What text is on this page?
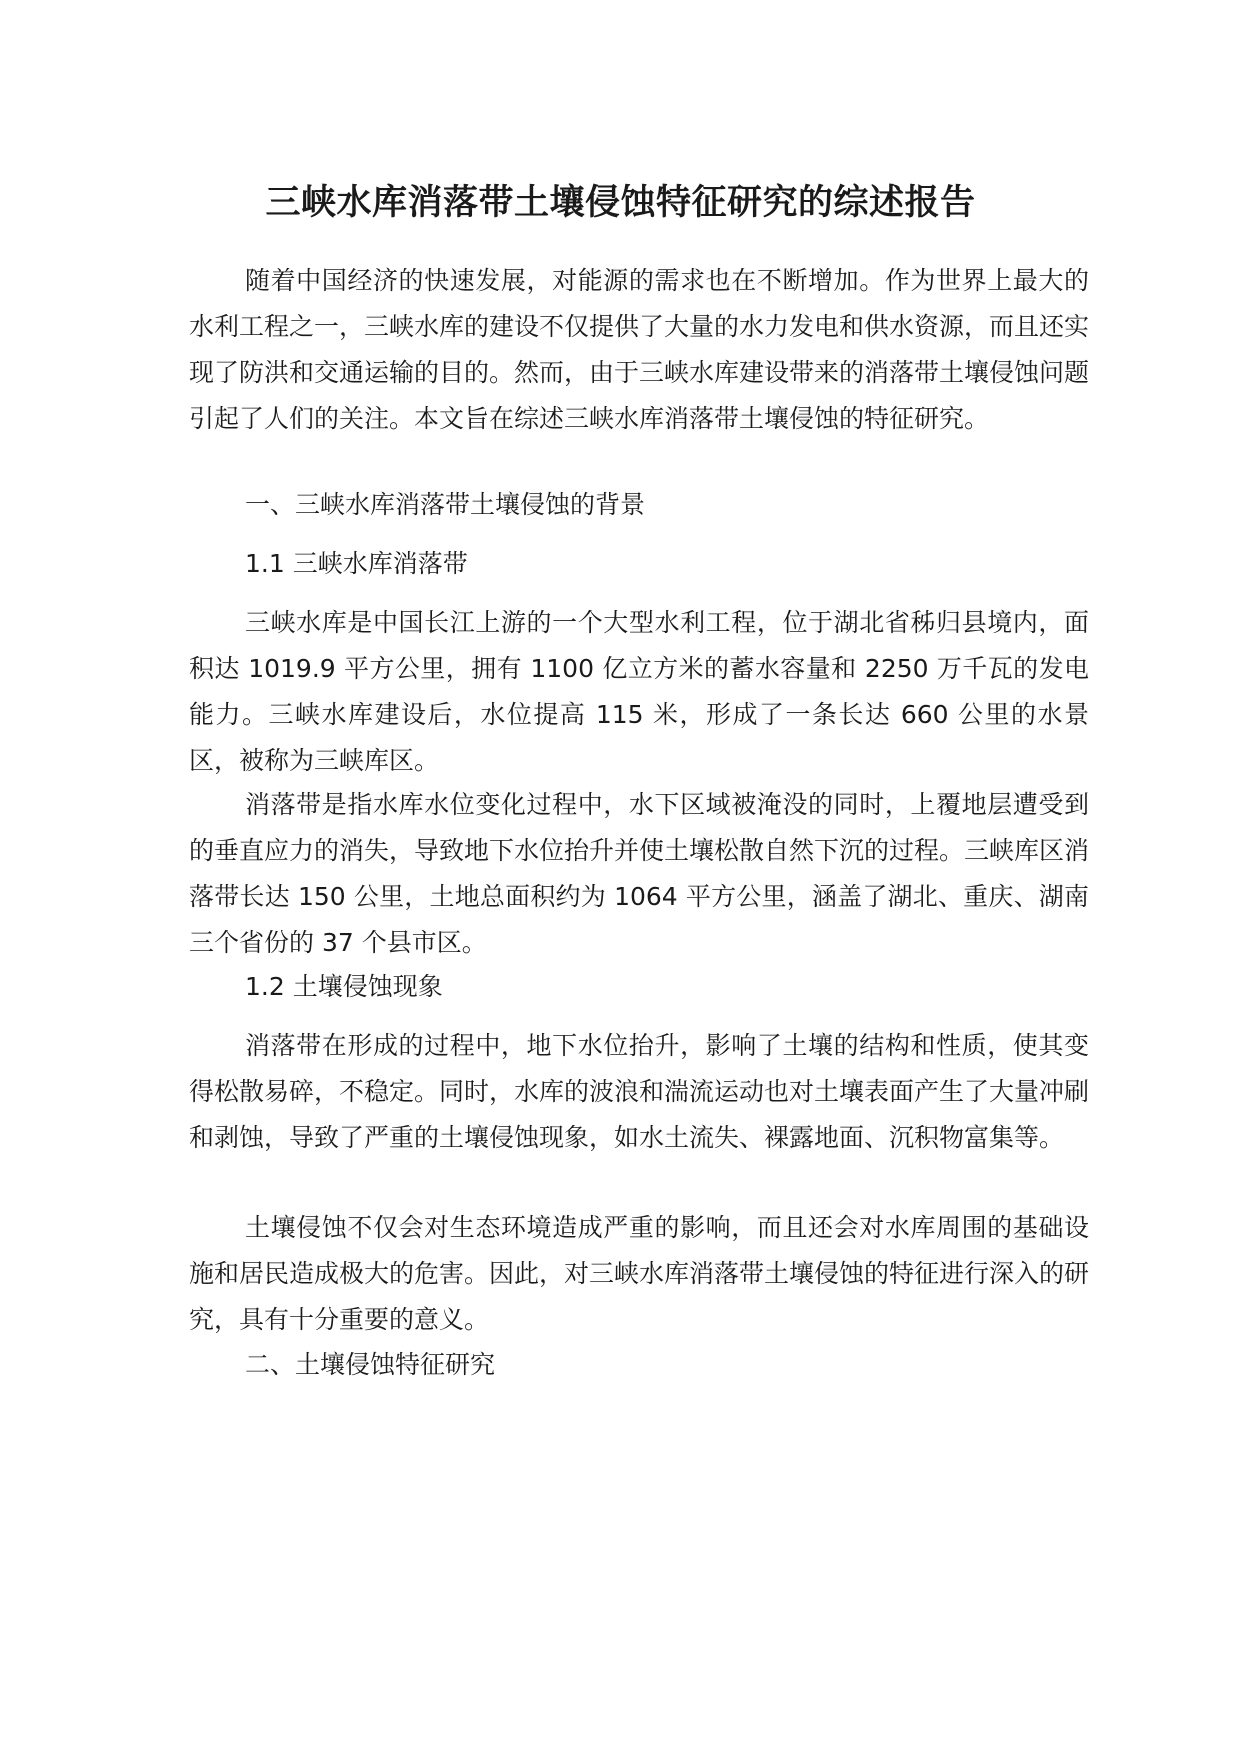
三峡水库消落带土壤侵蚀特征研究的综述报告

随着中国经济的快速发展，对能源的需求也在不断增加。作为世界上最大的水利工程之一，三峡水库的建设不仅提供了大量的水力发电和供水资源，而且还实现了防洪和交通运输的目的。然而，由于三峡水库建设带来的消落带土壤侵蚀问题引起了人们的关注。本文旨在综述三峡水库消落带土壤侵蚀的特征研究。

一、三峡水库消落带土壤侵蚀的背景

1.1 三峡水库消落带

三峡水库是中国长江上游的一个大型水利工程，位于湖北省秭归县境内，面积达 1019.9 平方公里，拥有 1100 亿立方米的蓄水容量和 2250 万千瓦的发电能力。三峡水库建设后，水位提高 115 米，形成了一条长达 660 公里的水景区，被称为三峡库区。

消落带是指水库水位变化过程中，水下区域被淹没的同时，上覆地层遭受到的垂直应力的消失，导致地下水位抬升并使土壤松散自然下沉的过程。三峡库区消落带长达 150 公里，土地总面积约为 1064 平方公里，涵盖了湖北、重庆、湖南三个省份的 37 个县市区。

1.2 土壤侵蚀现象

消落带在形成的过程中，地下水位抬升，影响了土壤的结构和性质，使其变得松散易碎，不稳定。同时，水库的波浪和湍流运动也对土壤表面产生了大量冲刷和剥蚀，导致了严重的土壤侵蚀现象，如水土流失、裸露地面、沉积物富集等。

土壤侵蚀不仅会对生态环境造成严重的影响，而且还会对水库周围的基础设施和居民造成极大的危害。因此，对三峡水库消落带土壤侵蚀的特征进行深入的研究，具有十分重要的意义。

二、土壤侵蚀特征研究
